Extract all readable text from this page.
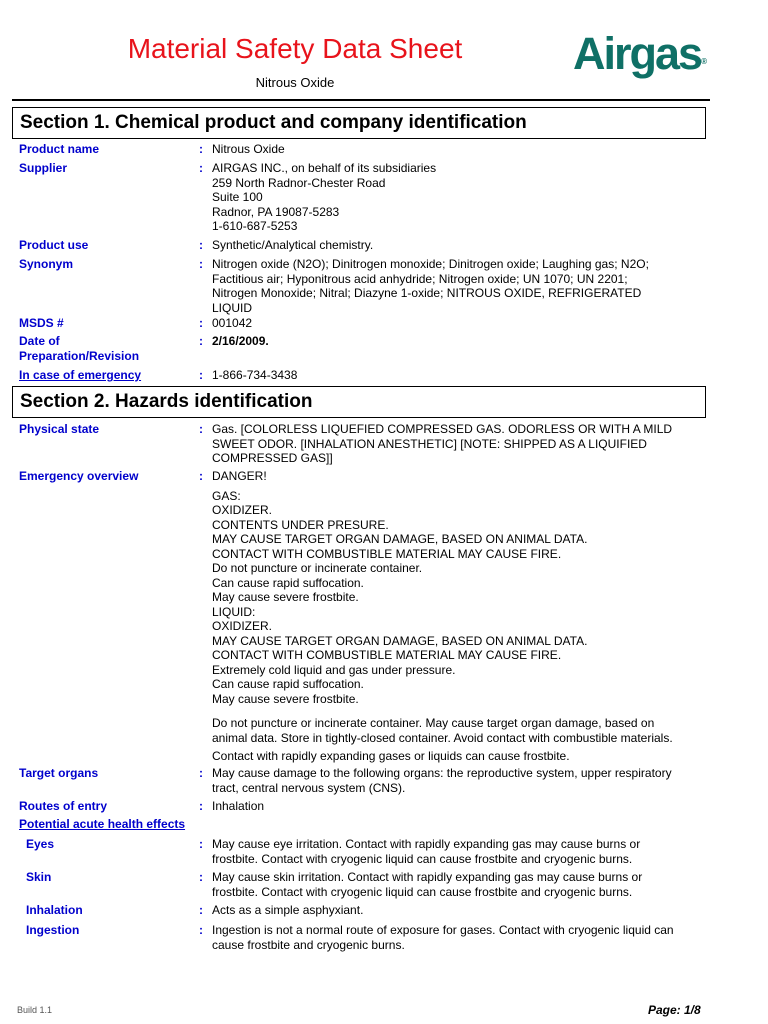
Material Safety Data Sheet
Nitrous Oxide
Airgas®
Section 1. Chemical product and company identification
Product name	: Nitrous Oxide
Supplier	: AIRGAS INC., on behalf of its subsidiaries
259 North Radnor-Chester Road
Suite 100
Radnor, PA 19087-5283
1-610-687-5253
Product use	: Synthetic/Analytical chemistry.
Synonym	: Nitrogen oxide (N2O); Dinitrogen monoxide; Dinitrogen oxide; Laughing gas; N2O;
Factitious air; Hyponitrous acid anhydride; Nitrogen oxide; UN 1070; UN 2201;
Nitrogen Monoxide; Nitral; Diazyne 1-oxide; NITROUS OXIDE, REFRIGERATED
LIQUID
MSDS #	: 001042
Date of
Preparation/Revision
: 2/16/2009.
In case of emergency	: 1-866-734-3438
Section 2. Hazards identification
Physical state	: Gas. [COLORLESS LIQUEFIED COMPRESSED GAS. ODORLESS OR WITH A MILD
SWEET ODOR. [INHALATION ANESTHETIC] [NOTE: SHIPPED AS A LIQUIFIED
COMPRESSED GAS]]
Emergency overview	: DANGER!
GAS:
OXIDIZER.
CONTENTS UNDER PRESURE.
MAY CAUSE TARGET ORGAN DAMAGE, BASED ON ANIMAL DATA.
CONTACT WITH COMBUSTIBLE MATERIAL MAY CAUSE FIRE.
Do not puncture or incinerate container.
Can cause rapid suffocation.
May cause severe frostbite.
LIQUID:
OXIDIZER.
MAY CAUSE TARGET ORGAN DAMAGE, BASED ON ANIMAL DATA.
CONTACT WITH COMBUSTIBLE MATERIAL MAY CAUSE FIRE.
Extremely cold liquid and gas under pressure.
Can cause rapid suffocation.
May cause severe frostbite.
Do not puncture or incinerate container. May cause target organ damage, based on
animal data. Store in tightly-closed container. Avoid contact with combustible materials.
Contact with rapidly expanding gases or liquids can cause frostbite.
Target organs	: May cause damage to the following organs: the reproductive system, upper respiratory
tract, central nervous system (CNS).
Routes of entry	: Inhalation
Potential acute health effects
Eyes	: May cause eye irritation. Contact with rapidly expanding gas may cause burns or
frostbite. Contact with cryogenic liquid can cause frostbite and cryogenic burns.
Skin	: May cause skin irritation. Contact with rapidly expanding gas may cause burns or
frostbite. Contact with cryogenic liquid can cause frostbite and cryogenic burns.
Inhalation	: Acts as a simple asphyxiant.
Ingestion	: Ingestion is not a normal route of exposure for gases. Contact with cryogenic liquid can
cause frostbite and cryogenic burns.
Build 1.1	Page: 1/8
